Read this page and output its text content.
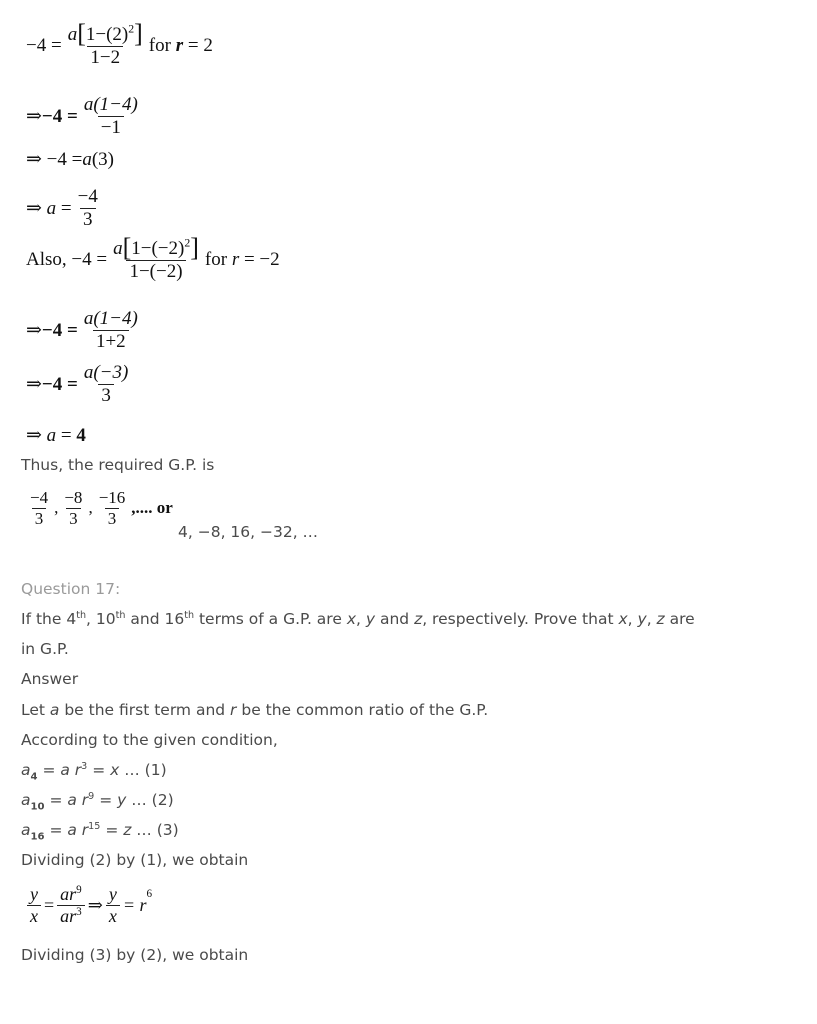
$-4 = \frac{a[1-(2)^2]}{1-2}$ for
r
= 2
⇒ $-4 = \frac{a(1-4)}{-1}$
⇒
−4 = a (3)
⇒
a
= $\frac{-4}{3}$
Also, $-4 = \frac{a[1-(-2)^2]}{1-(-2)}$ for
r
= −2
⇒ $-4 = \frac{a(1-4)}{1+2}$
⇒ $-4 = \frac{a(-3)}{3}$
⇒
a
=
4
Thus, the required G.P. is
$\frac{-4}{3}$ , $\frac{-8}{3}$ , $\frac{-16}{3}$ ,.... or
4, −8, 16, −32, …
Question 17:
If the 4th, 10th and 16th terms of a G.P. are x, y and z, respectively. Prove that x, y, z are
in G.P.
Answer
Let a be the first term and r be the common ratio of the G.P.
According to the given condition,
$a_4 = a$ $r^3 = x$ … (1)
$a_{10} = a$ $r^9 = y$ … (2)
$a_{16} = a$ $r^{15} = z$ … (3)
Dividing (2) by (1), we obtain
$\frac{y}{x} = \frac{ar^9}{ar^3}$ ⇒ $\frac{y}{x} = r$
$^6$
Dividing (3) by (2), we obtain
